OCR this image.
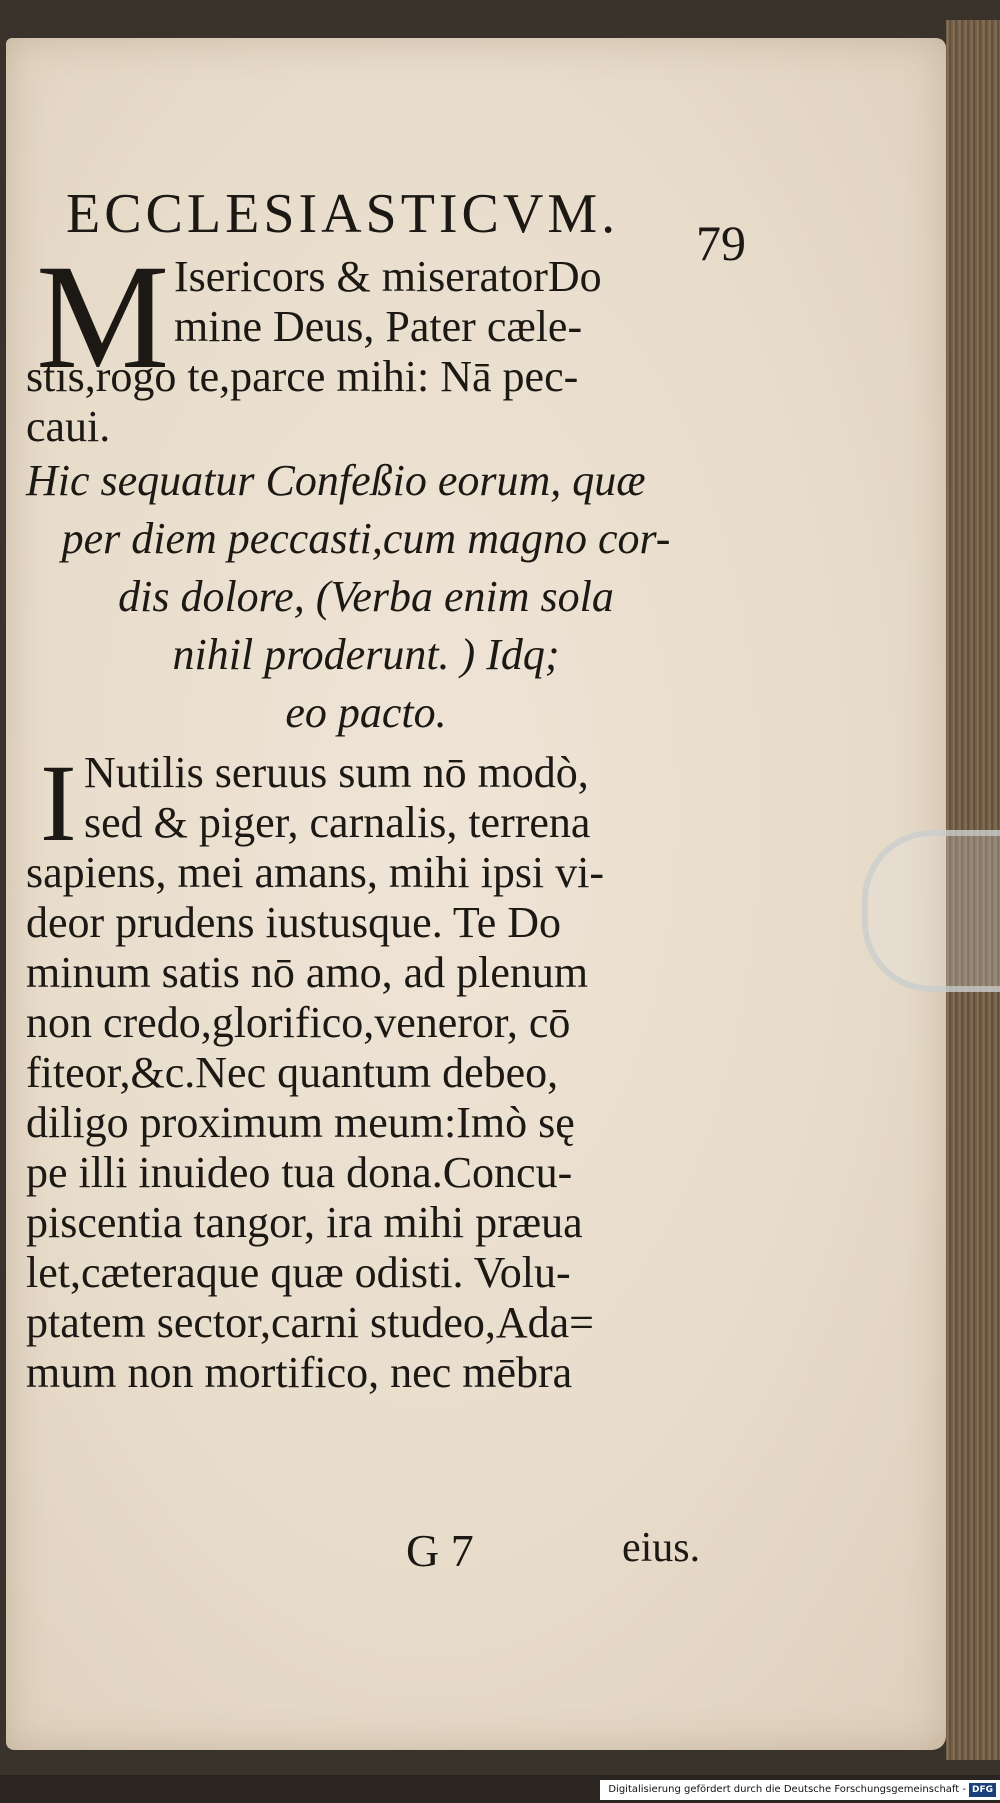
ECCLESIASTICVM. 79
M Isericors & miseratorDo
mine Deus, Pater cæle-
stis,rogo te,parce mihi: Nā pec-
caui.
Hic sequatur Confeßio eorum, quæ
per diem peccasti,cum magno cor-
dis dolore, (Verba enim sola
nihil proderunt. ) Idq;
eo pacto.
I Nutilis seruus sum nō modò,
sed & piger, carnalis, terrena
sapiens, mei amans, mihi ipsi vi-
deor prudens iustusque. Te Do
minum satis nō amo, ad plenum
non credo,glorifico,veneror, cō
fiteor,&c.Nec quantum debeo,
diligo proximum meum:Imò sę
pe illi inuideo tua dona.Concu-
piscentia tangor, ira mihi præua
let,cæteraque quæ odisti. Volu-
ptatem sector,carni studeo,Ada=
mum non mortifico, nec mēbra
G 7	eius.
Digitalisierung gefördert durch die Deutsche Forschungsgemeinschaft - DFG
